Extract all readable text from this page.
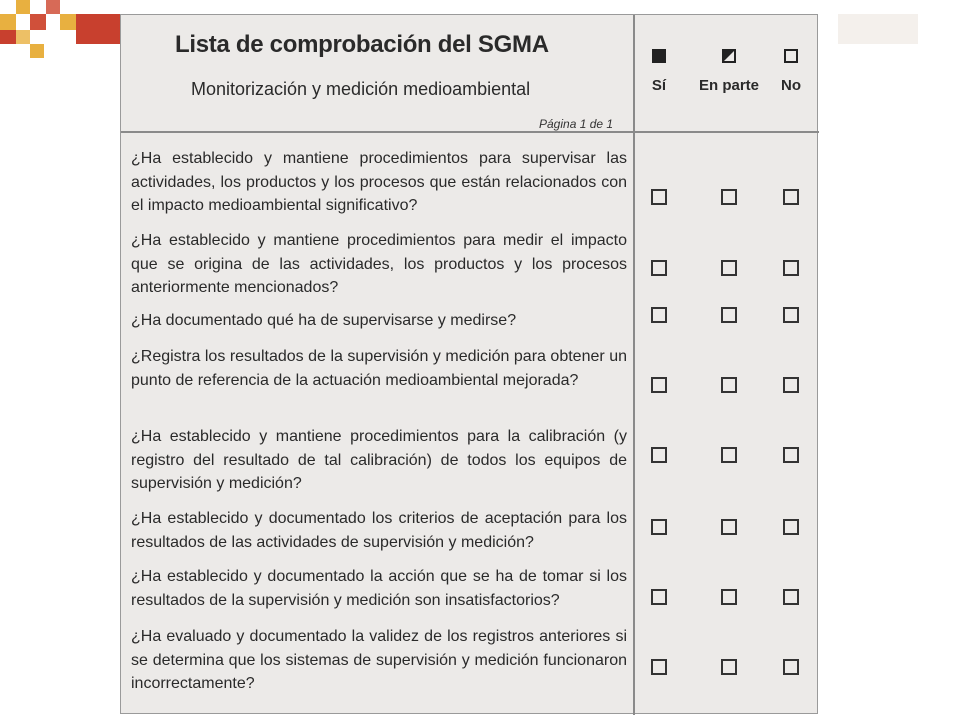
Lista de comprobación del SGMA
Monitorización y medición medioambiental
Página 1 de 1
Sí	En parte	No
¿Ha establecido y mantiene procedimientos para supervisar las actividades, los productos y los procesos que están relacionados con el impacto medioambiental significativo?
¿Ha establecido y mantiene procedimientos para medir el impacto que se origina de las actividades, los productos y los procesos anteriormente mencionados?
¿Ha documentado qué ha de supervisarse y medirse?
¿Registra los resultados de la supervisión y medición para obtener un punto de referencia de la actuación medioambiental mejorada?
¿Ha establecido y mantiene procedimientos para la calibración (y registro del resultado de tal calibración) de todos los equipos de supervisión y medición?
¿Ha establecido y documentado los criterios de aceptación para los resultados de las actividades de supervisión y medición?
¿Ha establecido y documentado la acción que se ha de tomar si los resultados de la supervisión y medición son insatisfactorios?
¿Ha evaluado y documentado la validez de los registros anteriores si se determina que los sistemas de supervisión y medición funcionaron incorrectamente?
